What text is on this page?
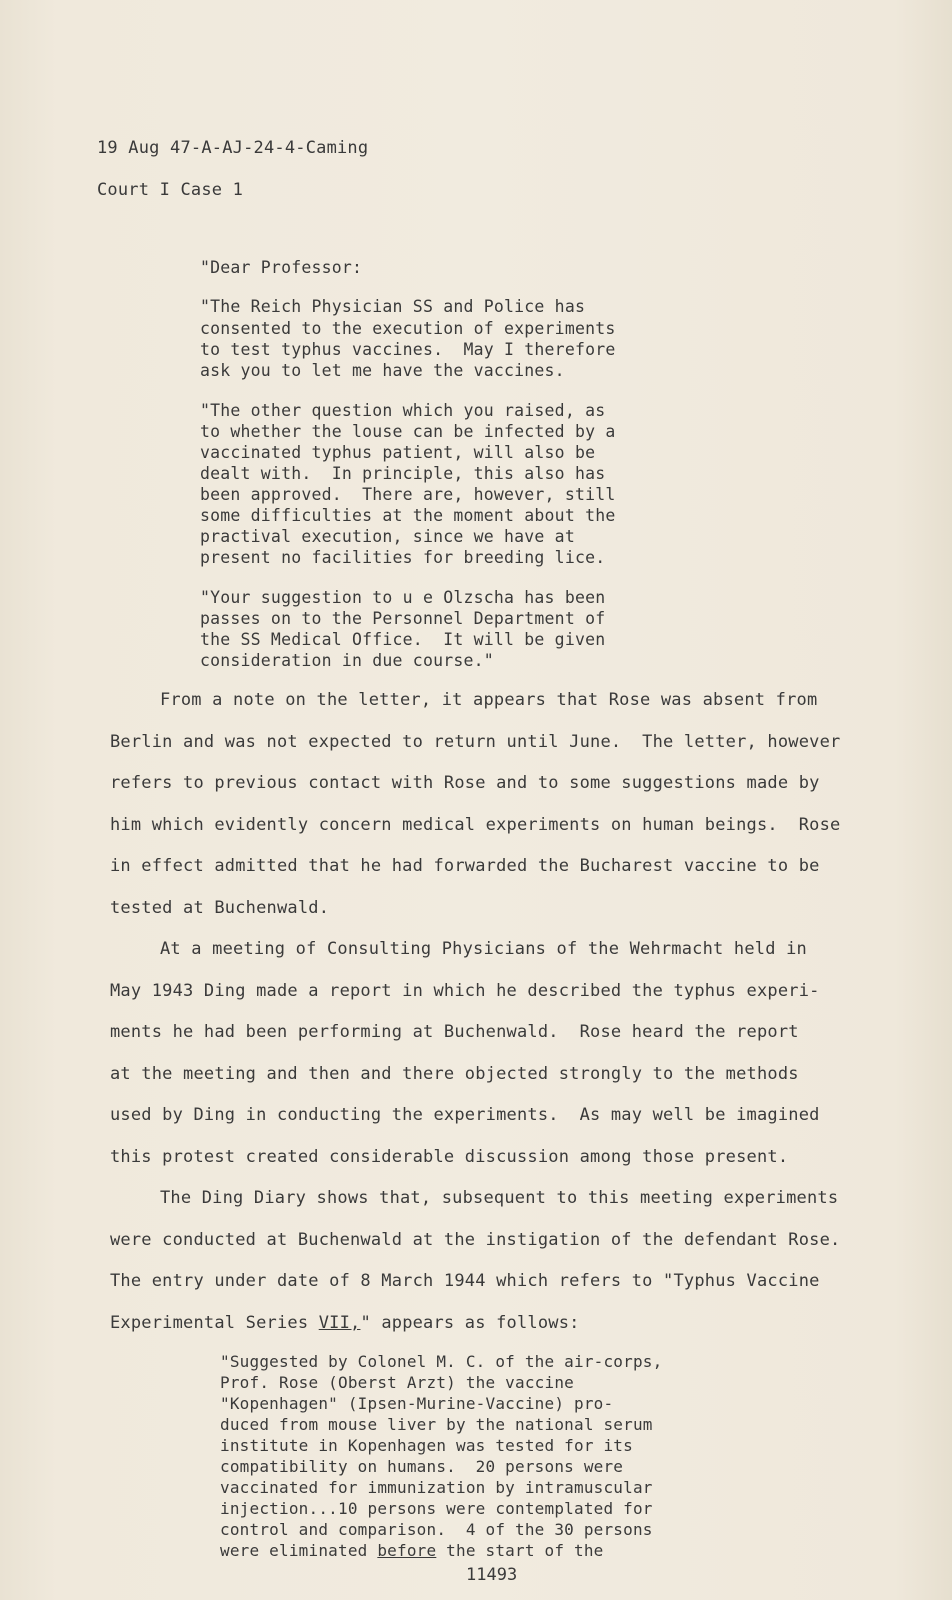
19 Aug 47-A-AJ-24-4-Caming
Court I Case 1
"Dear Professor:
"The Reich Physician SS and Police has
consented to the execution of experiments
to test typhus vaccines.  May I therefore
ask you to let me have the vaccines.
"The other question which you raised, as
to whether the louse can be infected by a
vaccinated typhus patient, will also be
dealt with.  In principle, this also has
been approved.  There are, however, still
some difficulties at the moment about the
practival execution, since we have at
present no facilities for breeding lice.
"Your suggestion to u e Olzscha has been
passes on to the Personnel Department of
the SS Medical Office.  It will be given
consideration in due course."
From a note on the letter, it appears that Rose was absent from
Berlin and was not expected to return until June.  The letter, however
refers to previous contact with Rose and to some suggestions made by
him which evidently concern medical experiments on human beings.  Rose
in effect admitted that he had forwarded the Bucharest vaccine to be
tested at Buchenwald.
At a meeting of Consulting Physicians of the Wehrmacht held in
May 1943 Ding made a report in which he described the typhus experi-
ments he had been performing at Buchenwald.  Rose heard the report
at the meeting and then and there objected strongly to the methods
used by Ding in conducting the experiments.  As may well be imagined
this protest created considerable discussion among those present.
The Ding Diary shows that, subsequent to this meeting experiments
were conducted at Buchenwald at the instigation of the defendant Rose.
The entry under date of 8 March 1944 which refers to "Typhus Vaccine
Experimental Series VII," appears as follows:
"Suggested by Colonel M. C. of the air-corps,
Prof. Rose (Oberst Arzt) the vaccine
"Kopenhagen" (Ipsen-Murine-Vaccine) pro-
duced from mouse liver by the national serum
institute in Kopenhagen was tested for its
compatibility on humans.  20 persons were
vaccinated for immunization by intramuscular
injection...10 persons were contemplated for
control and comparison.  4 of the 30 persons
were eliminated before the start of the
11493
